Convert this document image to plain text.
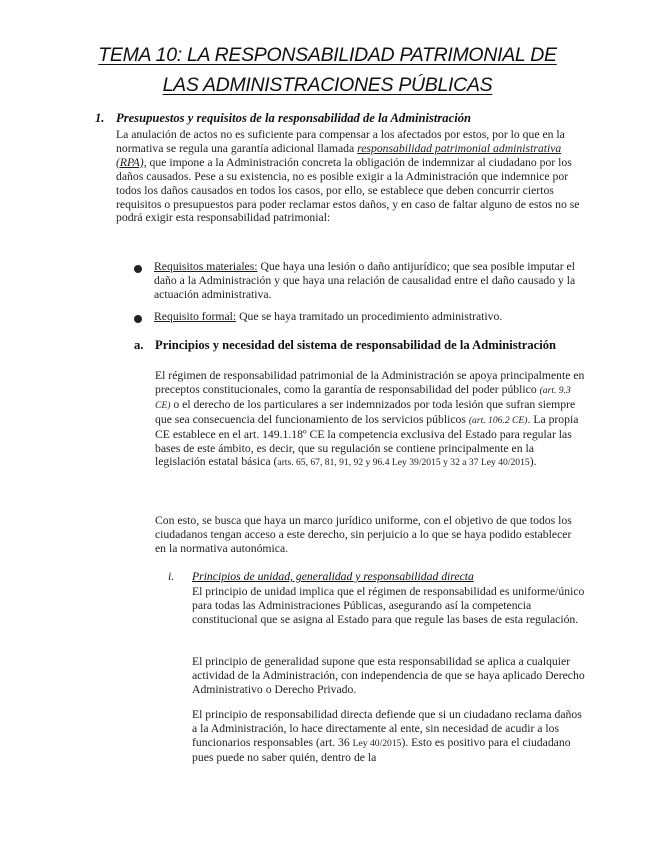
TEMA 10: LA RESPONSABILIDAD PATRIMONIAL DE
LAS ADMINISTRACIONES PÚBLICAS
1. Presupuestos y requisitos de la responsabilidad de la Administración
La anulación de actos no es suficiente para compensar a los afectados por estos, por lo que en la normativa se regula una garantía adicional llamada responsabilidad patrimonial administrativa (RPA), que impone a la Administración concreta la obligación de indemnizar al ciudadano por los daños causados. Pese a su existencia, no es posible exigir a la Administración que indemnice por todos los daños causados en todos los casos, por ello, se establece que deben concurrir ciertos requisitos o presupuestos para poder reclamar estos daños, y en caso de faltar alguno de estos no se podrá exigir esta responsabilidad patrimonial:
Requisitos materiales: Que haya una lesión o daño antijurídico; que sea posible imputar el daño a la Administración y que haya una relación de causalidad entre el daño causado y la actuación administrativa.
Requisito formal: Que se haya tramitado un procedimiento administrativo.
a. Principios y necesidad del sistema de responsabilidad de la Administración
El régimen de responsabilidad patrimonial de la Administración se apoya principalmente en preceptos constitucionales, como la garantía de responsabilidad del poder público (art. 9.3 CE) o el derecho de los particulares a ser indemnizados por toda lesión que sufran siempre que sea consecuencia del funcionamiento de los servicios públicos (art. 106.2 CE). La propia CE establece en el art. 149.1.18º CE la competencia exclusiva del Estado para regular las bases de este ámbito, es decir, que su regulación se contiene principalmente en la legislación estatal básica (arts. 65, 67, 81, 91, 92 y 96.4 Ley 39/2015 y 32 a 37 Ley 40/2015).
Con esto, se busca que haya un marco jurídico uniforme, con el objetivo de que todos los ciudadanos tengan acceso a este derecho, sin perjuicio a lo que se haya podido establecer en la normativa autonómica.
i. Principios de unidad, generalidad y responsabilidad directa
El principio de unidad implica que el régimen de responsabilidad es uniforme/único para todas las Administraciones Públicas, asegurando así la competencia constitucional que se asigna al Estado para que regule las bases de esta regulación.
El principio de generalidad supone que esta responsabilidad se aplica a cualquier actividad de la Administración, con independencia de que se haya aplicado Derecho Administrativo o Derecho Privado.
El principio de responsabilidad directa defiende que si un ciudadano reclama daños a la Administración, lo hace directamente al ente, sin necesidad de acudir a los funcionarios responsables (art. 36 Ley 40/2015). Esto es positivo para el ciudadano pues puede no saber quién, dentro de la
